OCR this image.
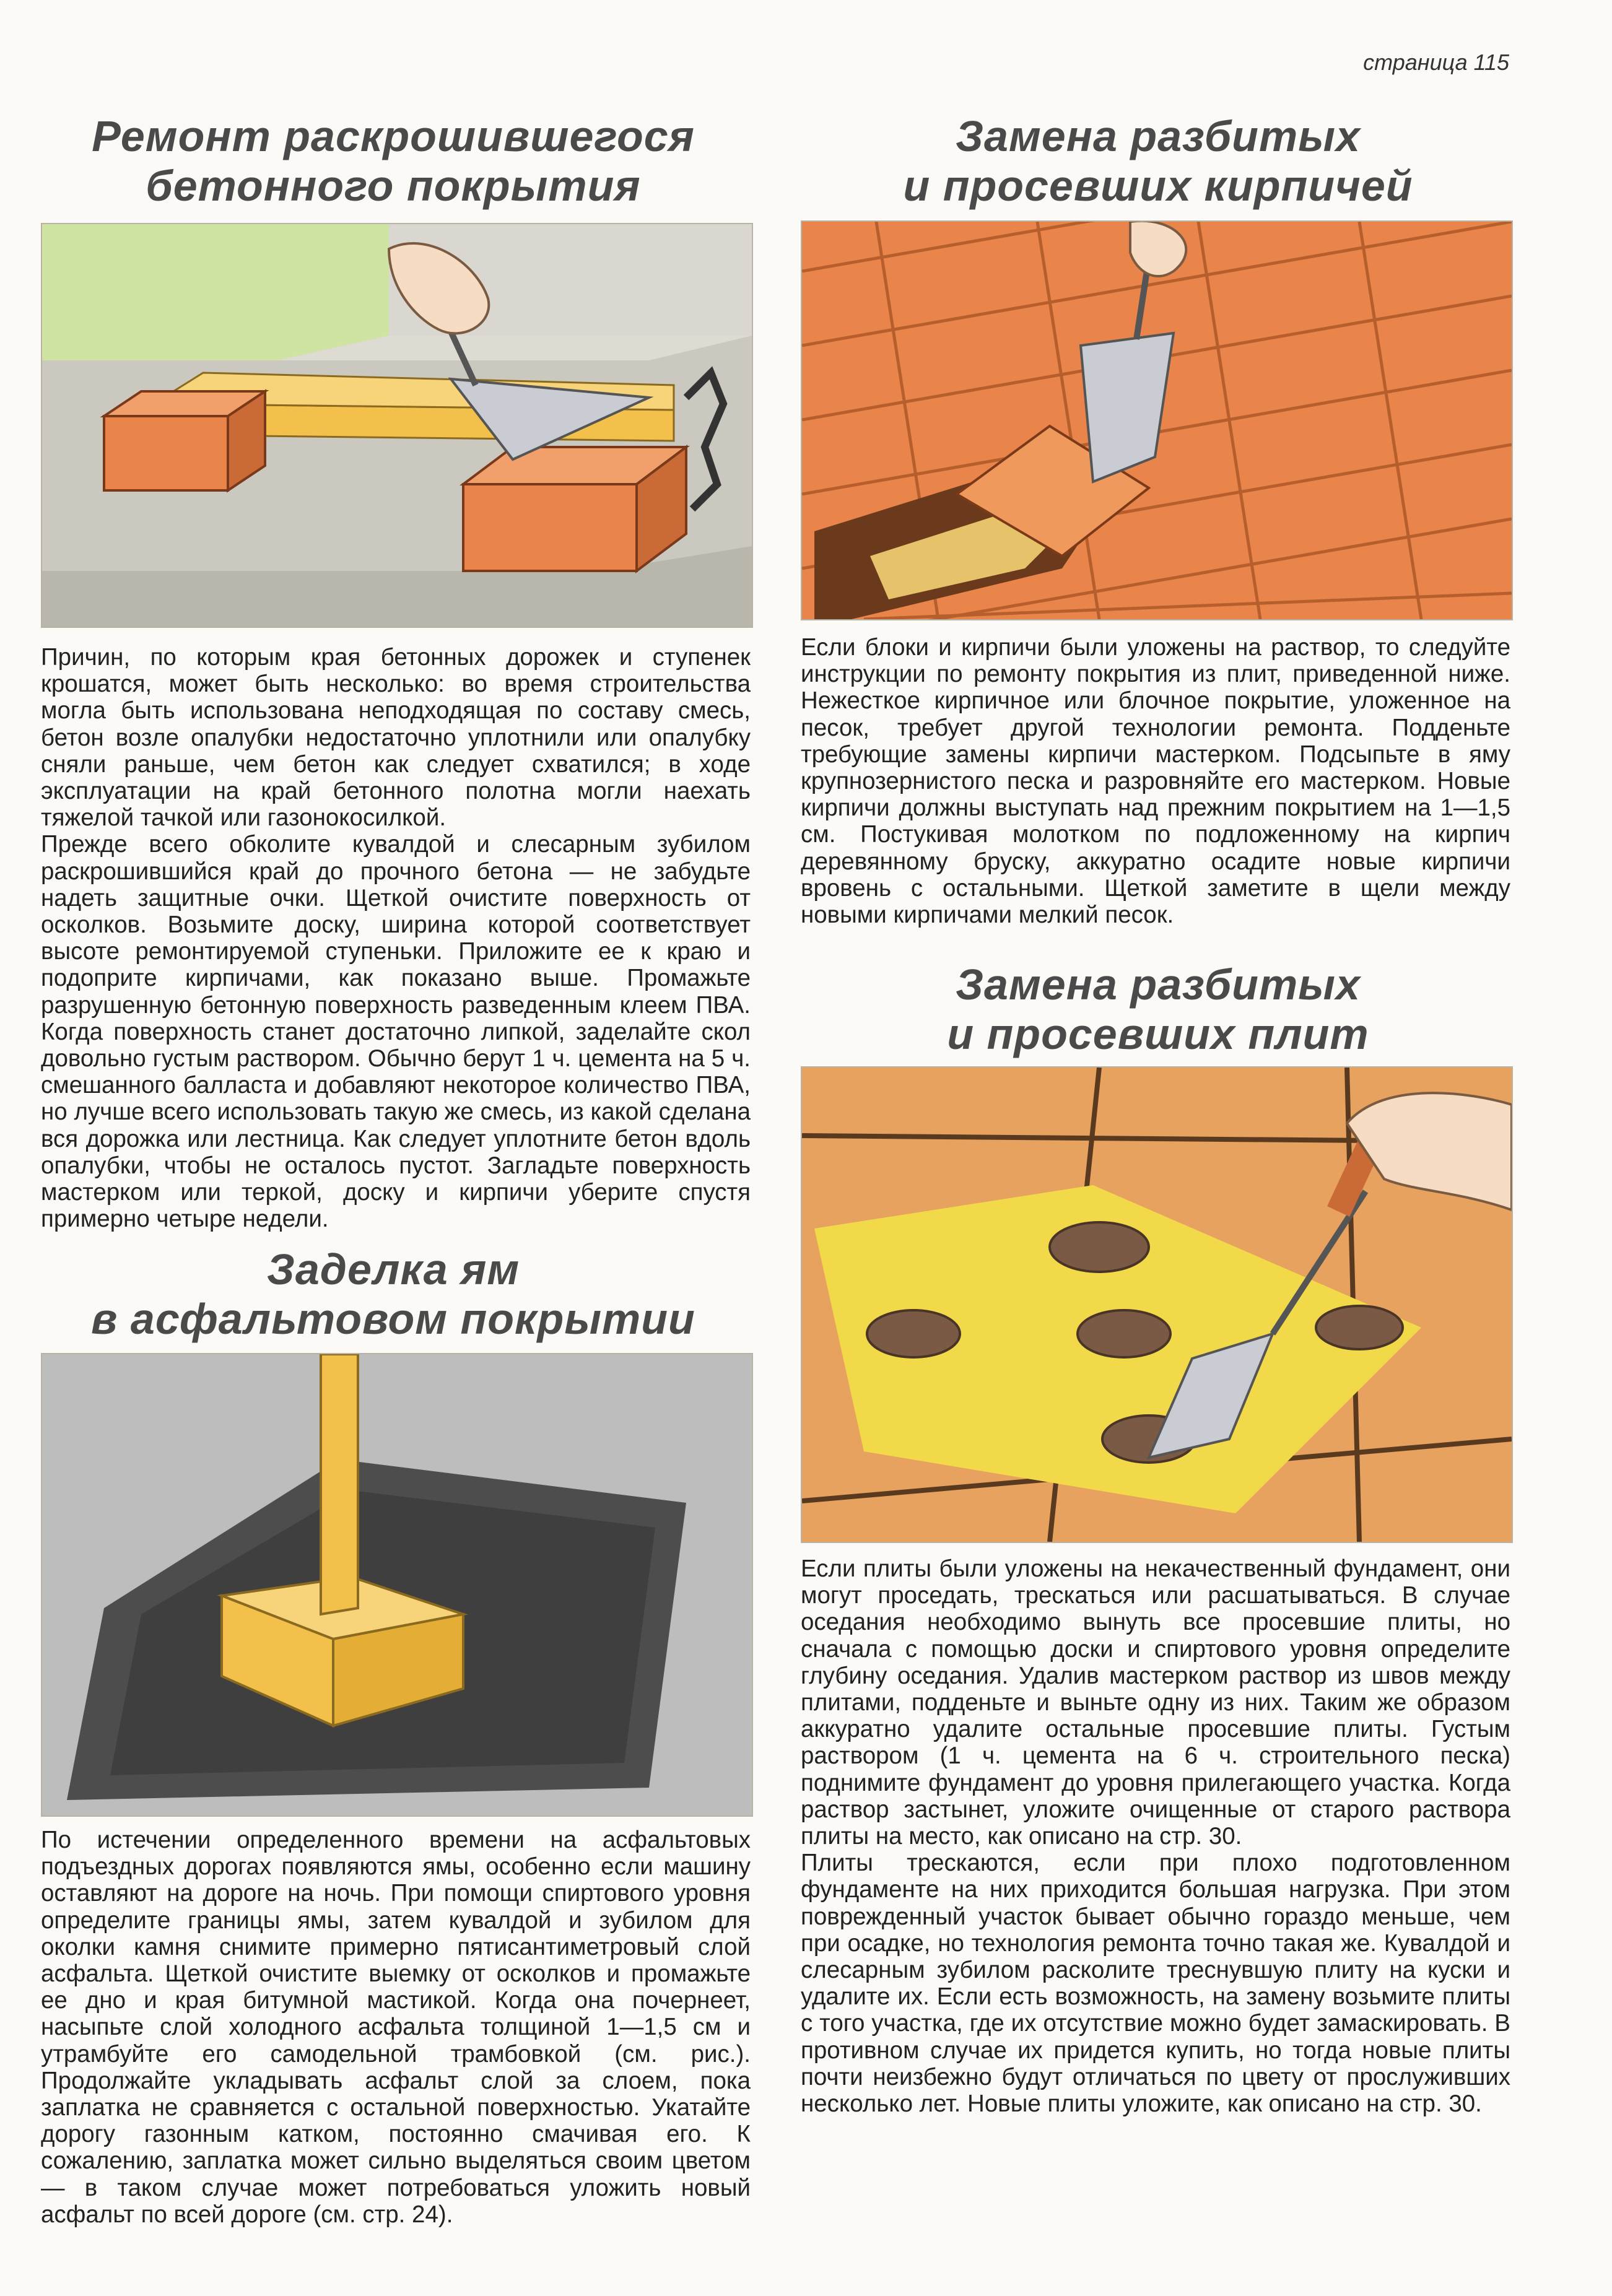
страница 115
Ремонт раскрошившегося
бетонного покрытия

Причин, по которым края бетонных дорожек и ступенек крошатся, может быть несколько: во время строительства могла быть использована неподходящая по составу смесь, бетон возле опалубки недостаточно уплотнили или опалубку сняли раньше, чем бетон как следует схватился; в ходе эксплуатации на край бетонного полотна могли наехать тяжелой тачкой или газонокосилкой.

Прежде всего обколите кувалдой и слесарным зубилом раскрошившийся край до прочного бетона — не забудьте надеть защитные очки. Щеткой очистите поверхность от осколков. Возьмите доску, ширина которой соответствует высоте ремонтируемой ступеньки. Приложите ее к краю и подоприте кирпичами, как показано выше. Промажьте разрушенную бетонную поверхность разведенным клеем ПВА. Когда поверхность станет достаточно липкой, заделайте скол довольно густым раствором. Обычно берут 1 ч. цемента на 5 ч. смешанного балласта и добавляют некоторое количество ПВА, но лучше всего использовать такую же смесь, из какой сделана вся дорожка или лестница. Как следует уплотните бетон вдоль опалубки, чтобы не осталось пустот. Загладьте поверхность мастерком или теркой, доску и кирпичи уберите спустя примерно четыре недели.

Заделка ям
в асфальтовом покрытии

По истечении определенного времени на асфальтовых подъездных дорогах появляются ямы, особенно если машину оставляют на дороге на ночь. При помощи спиртового уровня определите границы ямы, затем кувалдой и зубилом для околки камня снимите примерно пятисантиметровый слой асфальта. Щеткой очистите выемку от осколков и промажьте ее дно и края битумной мастикой. Когда она почернеет, насыпьте слой холодного асфальта толщиной 1—1,5 см и утрамбуйте его самодельной трамбовкой (см. рис.). Продолжайте укладывать асфальт слой за слоем, пока заплатка не сравняется с остальной поверхностью. Укатайте дорогу газонным катком, постоянно смачивая его. К сожалению, заплатка может сильно выделяться своим цветом — в таком случае может потребоваться уложить новый асфальт по всей дороге (см. стр. 24).

Замена разбитых
и просевших кирпичей

Если блоки и кирпичи были уложены на раствор, то следуйте инструкции по ремонту покрытия из плит, приведенной ниже. Нежесткое кирпичное или блочное покрытие, уложенное на песок, требует другой технологии ремонта. Подденьте требующие замены кирпичи мастерком. Подсыпьте в яму крупнозернистого песка и разровняйте его мастерком. Новые кирпичи должны выступать над прежним покрытием на 1—1,5 см. Постукивая молотком по подложенному на кирпич деревянному бруску, аккуратно осадите новые кирпичи вровень с остальными. Щеткой заметите в щели между новыми кирпичами мелкий песок.

Замена разбитых
и просевших плит

Если плиты были уложены на некачественный фундамент, они могут проседать, трескаться или расшатываться. В случае оседания необходимо вынуть все просевшие плиты, но сначала с помощью доски и спиртового уровня определите глубину оседания. Удалив мастерком раствор из швов между плитами, подденьте и выньте одну из них. Таким же образом аккуратно удалите остальные просевшие плиты. Густым раствором (1 ч. цемента на 6 ч. строительного песка) поднимите фундамент до уровня прилегающего участка. Когда раствор застынет, уложите очищенные от старого раствора плиты на место, как описано на стр. 30.

Плиты трескаются, если при плохо подготовленном фундаменте на них приходится большая нагрузка. При этом поврежденный участок бывает обычно гораздо меньше, чем при осадке, но технология ремонта точно такая же. Кувалдой и слесарным зубилом расколите треснувшую плиту на куски и удалите их. Если есть возможность, на замену возьмите плиты с того участка, где их отсутствие можно будет замаскировать. В противном случае их придется купить, но тогда новые плиты почти неизбежно будут отличаться по цвету от прослуживших несколько лет. Новые плиты уложите, как описано на стр. 30.
